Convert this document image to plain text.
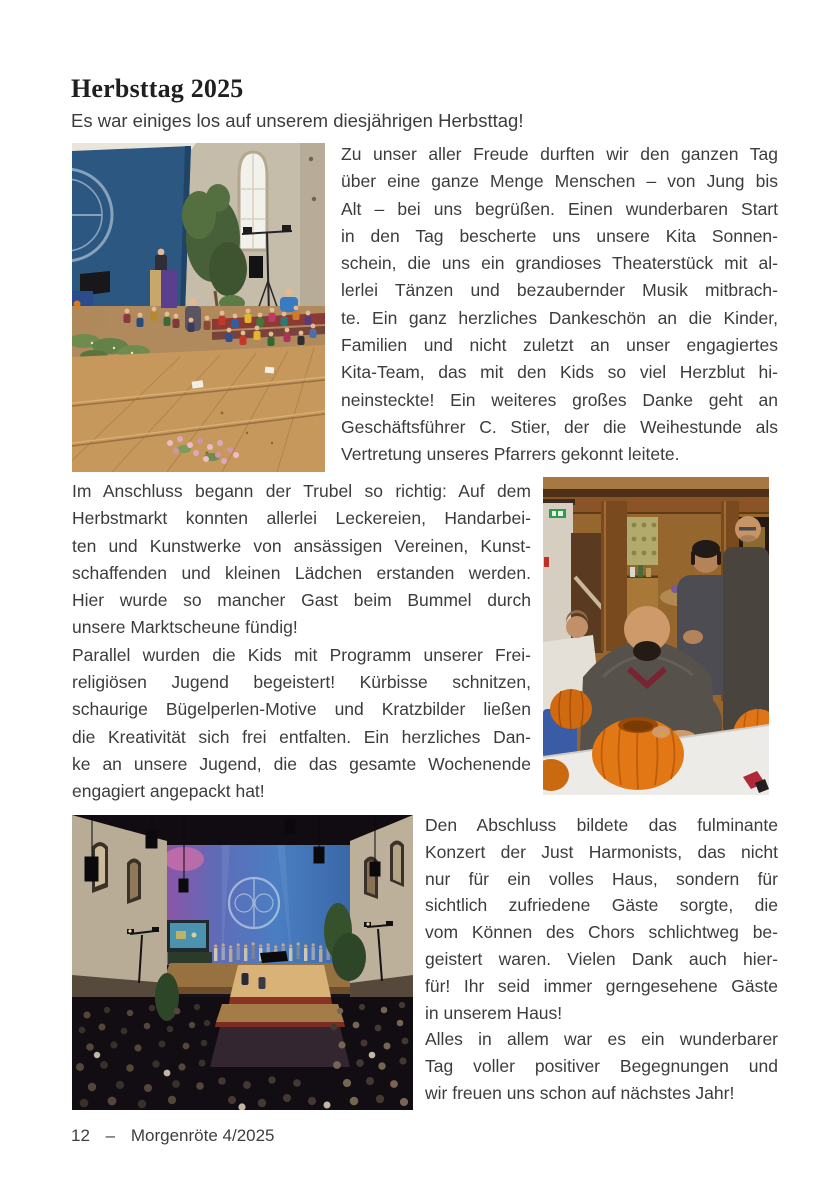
Herbsttag 2025
Es war einiges los auf unserem diesjährigen Herbsttag!
Zu unser aller Freude durften wir den ganzen Tag
über eine ganze Menge Menschen – von Jung bis
Alt – bei uns begrüßen. Einen wunderbaren Start
in den Tag bescherte uns unsere Kita Sonnen-
schein, die uns ein grandioses Theaterstück mit al-
lerlei Tänzen und bezaubernder Musik mitbrach-
te. Ein ganz herzliches Dankeschön an die Kinder,
Familien und nicht zuletzt an unser engagiertes
Kita-Team, das mit den Kids so viel Herzblut hi-
neinsteckte! Ein weiteres großes Danke geht an
Geschäftsführer C. Stier, der die Weihestunde als
Vertretung unseres Pfarrers gekonnt leitete.
Im Anschluss begann der Trubel so richtig: Auf dem
Herbstmarkt konnten allerlei Leckereien, Handarbei-
ten und Kunstwerke von ansässigen Vereinen, Kunst-
schaffenden und kleinen Lädchen erstanden werden.
Hier wurde so mancher Gast beim Bummel durch
unsere Marktscheune fündig!
Parallel wurden die Kids mit Programm unserer Frei-
religiösen Jugend begeistert! Kürbisse schnitzen,
schaurige Bügelperlen-Motive und Kratzbilder ließen
die Kreativität sich frei entfalten. Ein herzliches Dan-
ke an unsere Jugend, die das gesamte Wochenende
engagiert angepackt hat!
Den Abschluss bildete das fulminante
Konzert der Just Harmonists, das nicht
nur für ein volles Haus, sondern für
sichtlich zufriedene Gäste sorgte, die
vom Können des Chors schlichtweg be-
geistert waren. Vielen Dank auch hier-
für! Ihr seid immer gerngesehene Gäste
in unserem Haus!
Alles in allem war es ein wunderbarer
Tag voller positiver Begegnungen und
wir freuen uns schon auf nächstes Jahr!
12 – Morgenröte 4/2025
